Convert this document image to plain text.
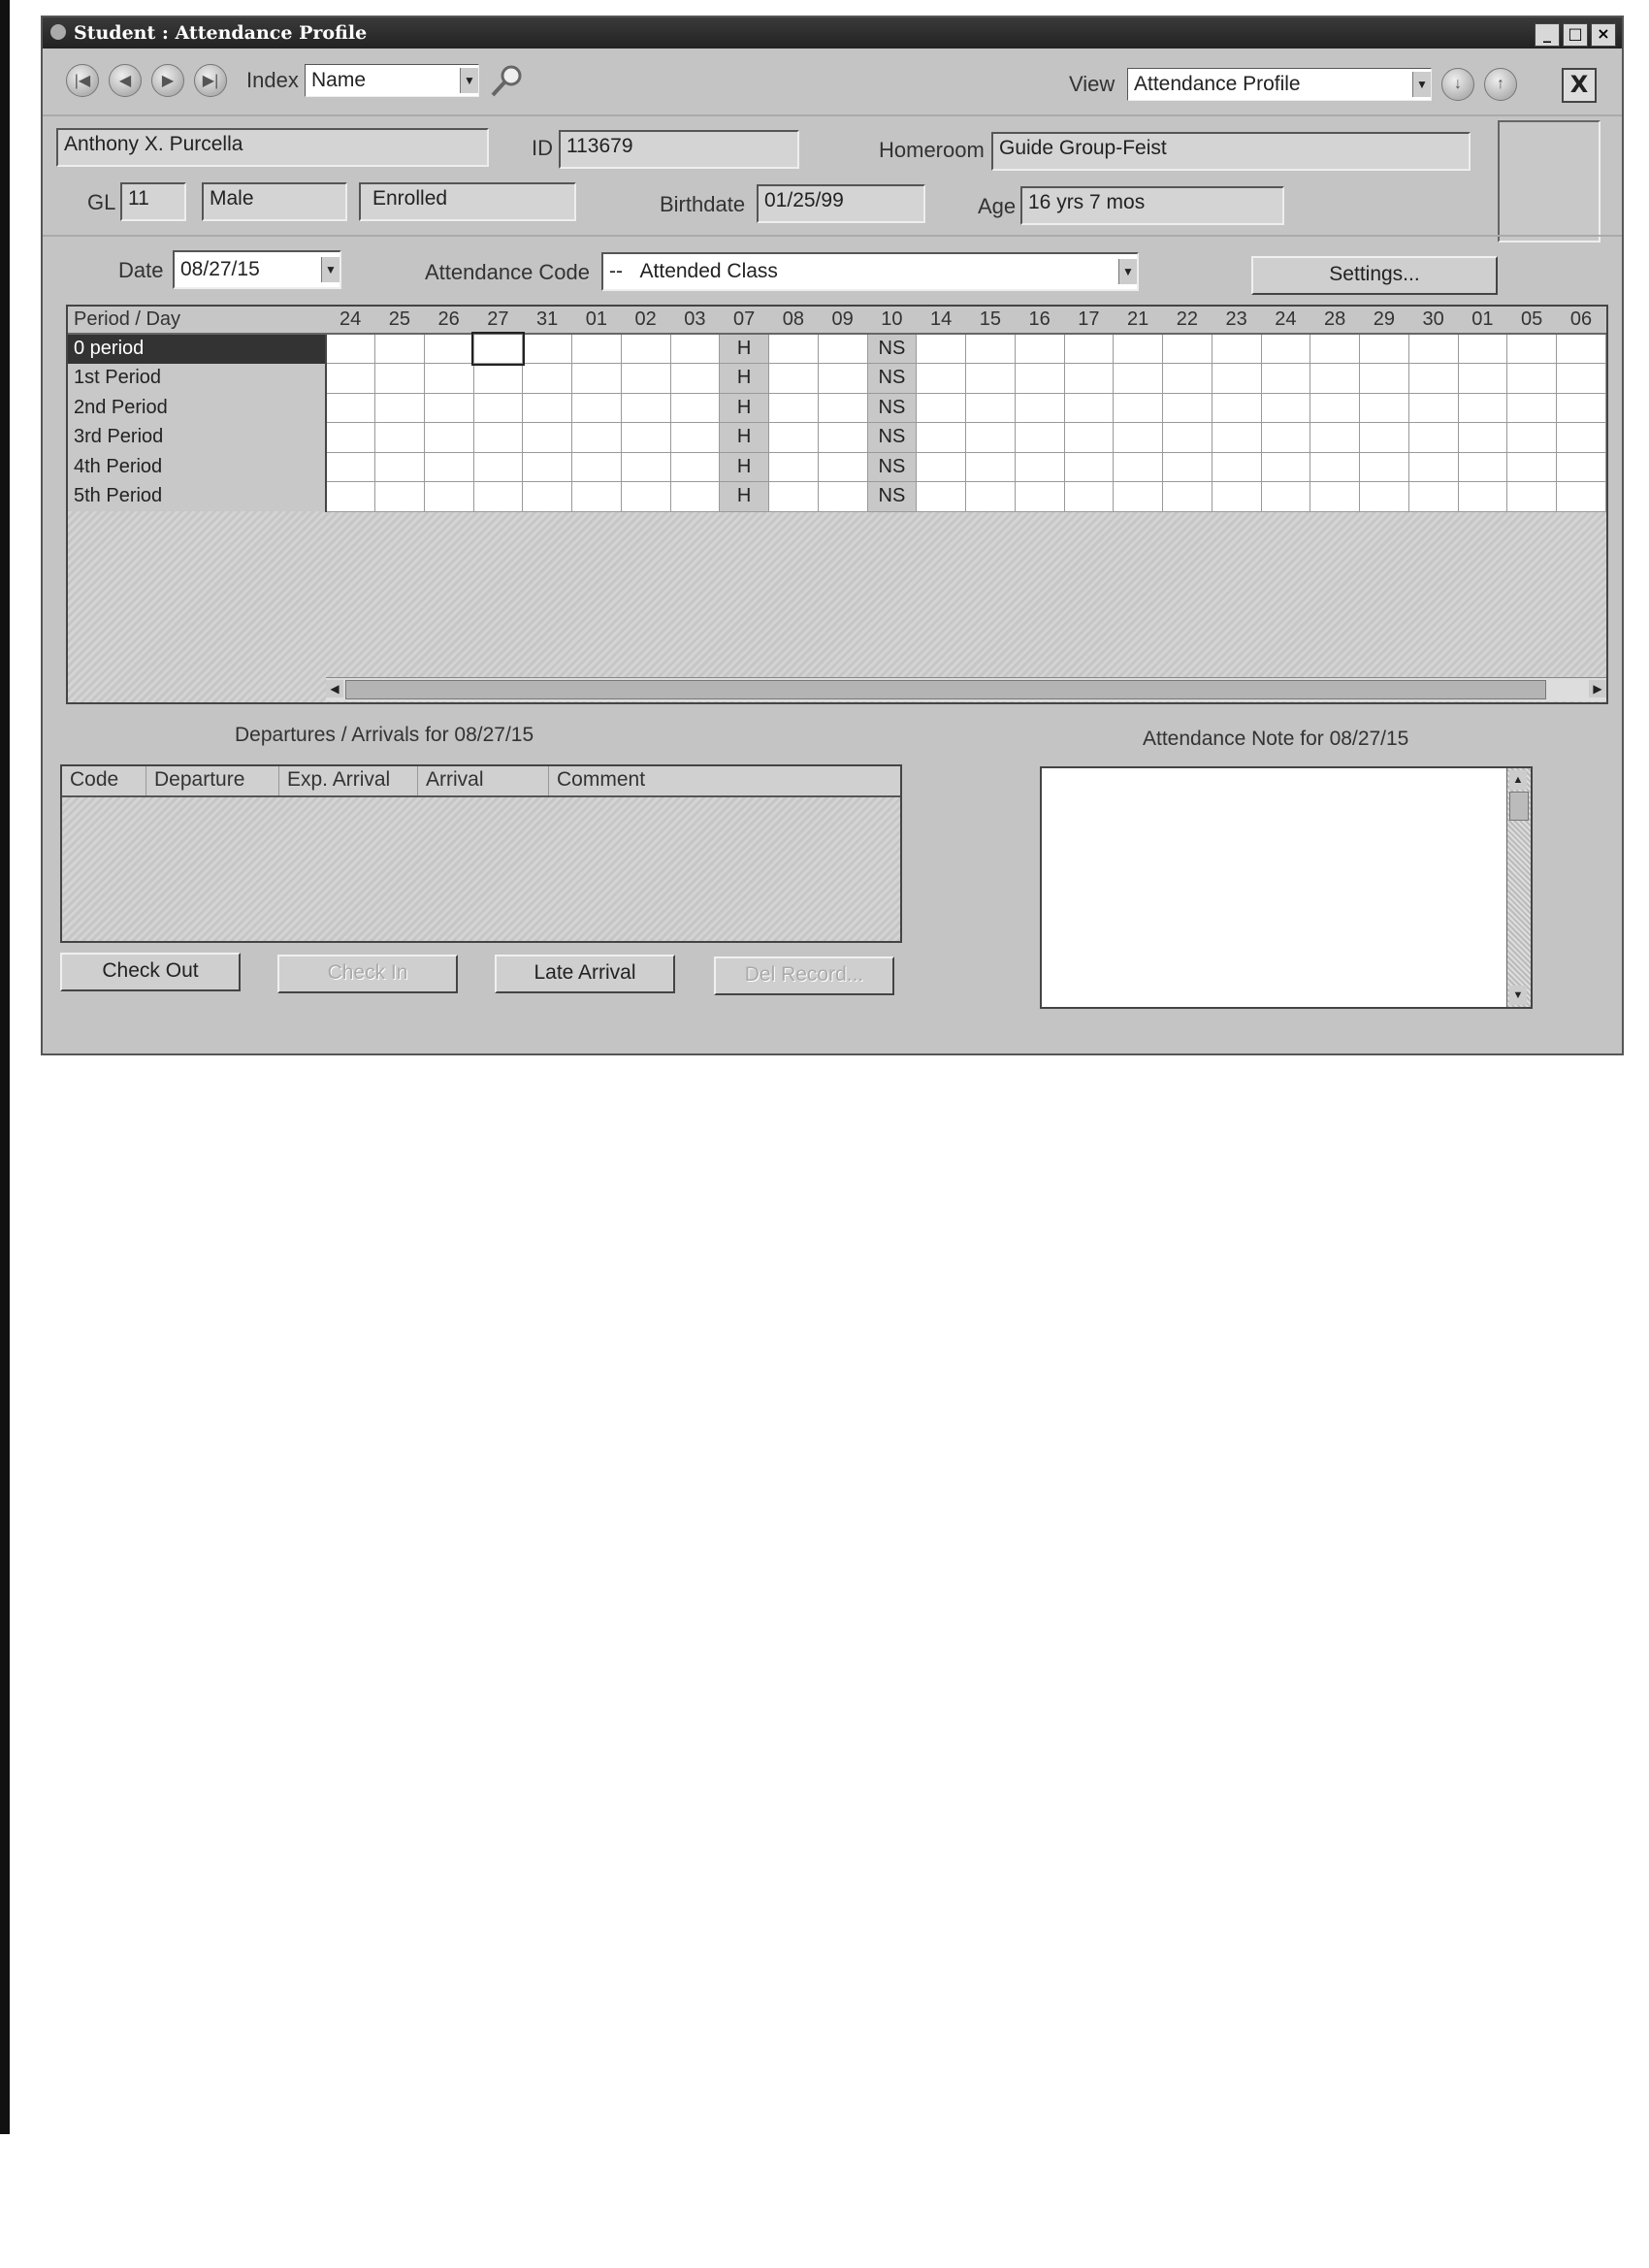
Student : Attendance Profile	_	□ ×
|◀	◀	▶	▶|	Index Name	▼	View Attendance Profile	▼	↓	↑	X
Anthony X. Purcella	ID 113679	Homeroom Guide Group-Feist
GL 11	Male	Enrolled	Birthdate 01/25/99	Age 16 yrs 7 mos
Date 08/27/15	▼	Attendance Code -- Attended Class	▼	Settings...
Period / Day	24	25	26	27	31	01	02	03	07	08	09	10	14	15	16	17	21	22	23	24	28	29	30	01	05	06
0 period									H			NS														
1st Period									H			NS														
2nd Period									H			NS														
3rd Period									H			NS														
4th Period									H			NS														
5th Period									H			NS														
◀	▶
Departures / Arrivals for 08/27/15
Code	Departure	Exp. Arrival	Arrival	Comment
Attendance Note for 08/27/15
▲
▼
Check Out	Check In	Late Arrival	Del Record...
